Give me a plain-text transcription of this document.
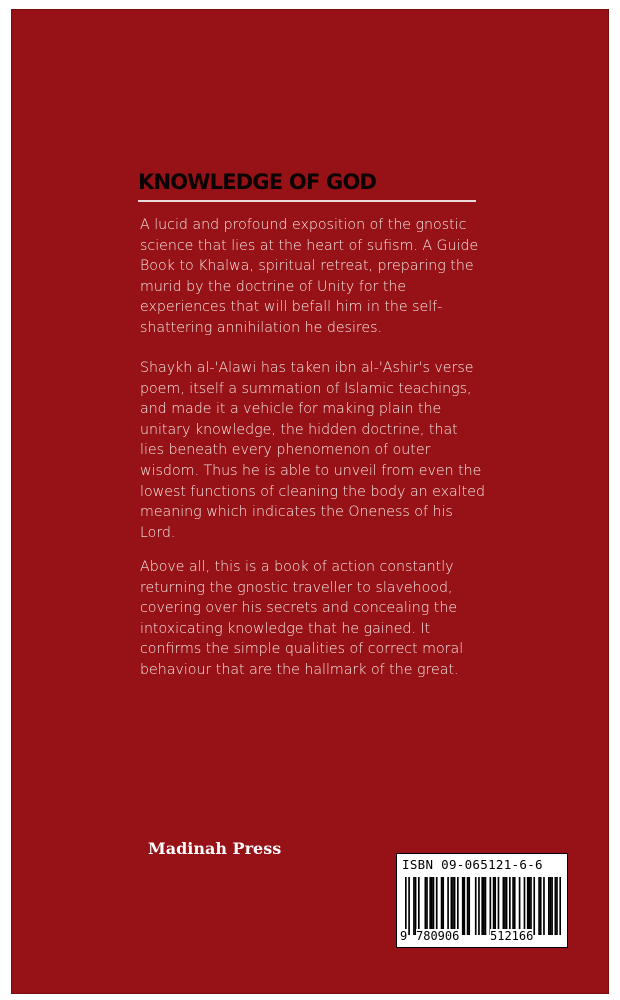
KNOWLEDGE OF GOD

A lucid and profound exposition of the gnostic science that lies at the heart of sufism. A Guide Book to Khalwa, spiritual retreat, preparing the murid by the doctrine of Unity for the experiences that will befall him in the self-shattering annihilation he desires.

Shaykh al-'Alawi has taken ibn al-'Ashir's verse poem, itself a summation of Islamic teachings, and made it a vehicle for making plain the unitary knowledge, the hidden doctrine, that lies beneath every phenomenon of outer wisdom. Thus he is able to unveil from even the lowest functions of cleaning the body an exalted meaning which indicates the Oneness of his Lord.

Above all, this is a book of action constantly returning the gnostic traveller to slavehood, covering over his secrets and concealing the intoxicating knowledge that he gained. It confirms the simple qualities of correct moral behaviour that are the hallmark of the great.

Madinah Press
ISBN 09-065121-6-6
9 780906	512166
